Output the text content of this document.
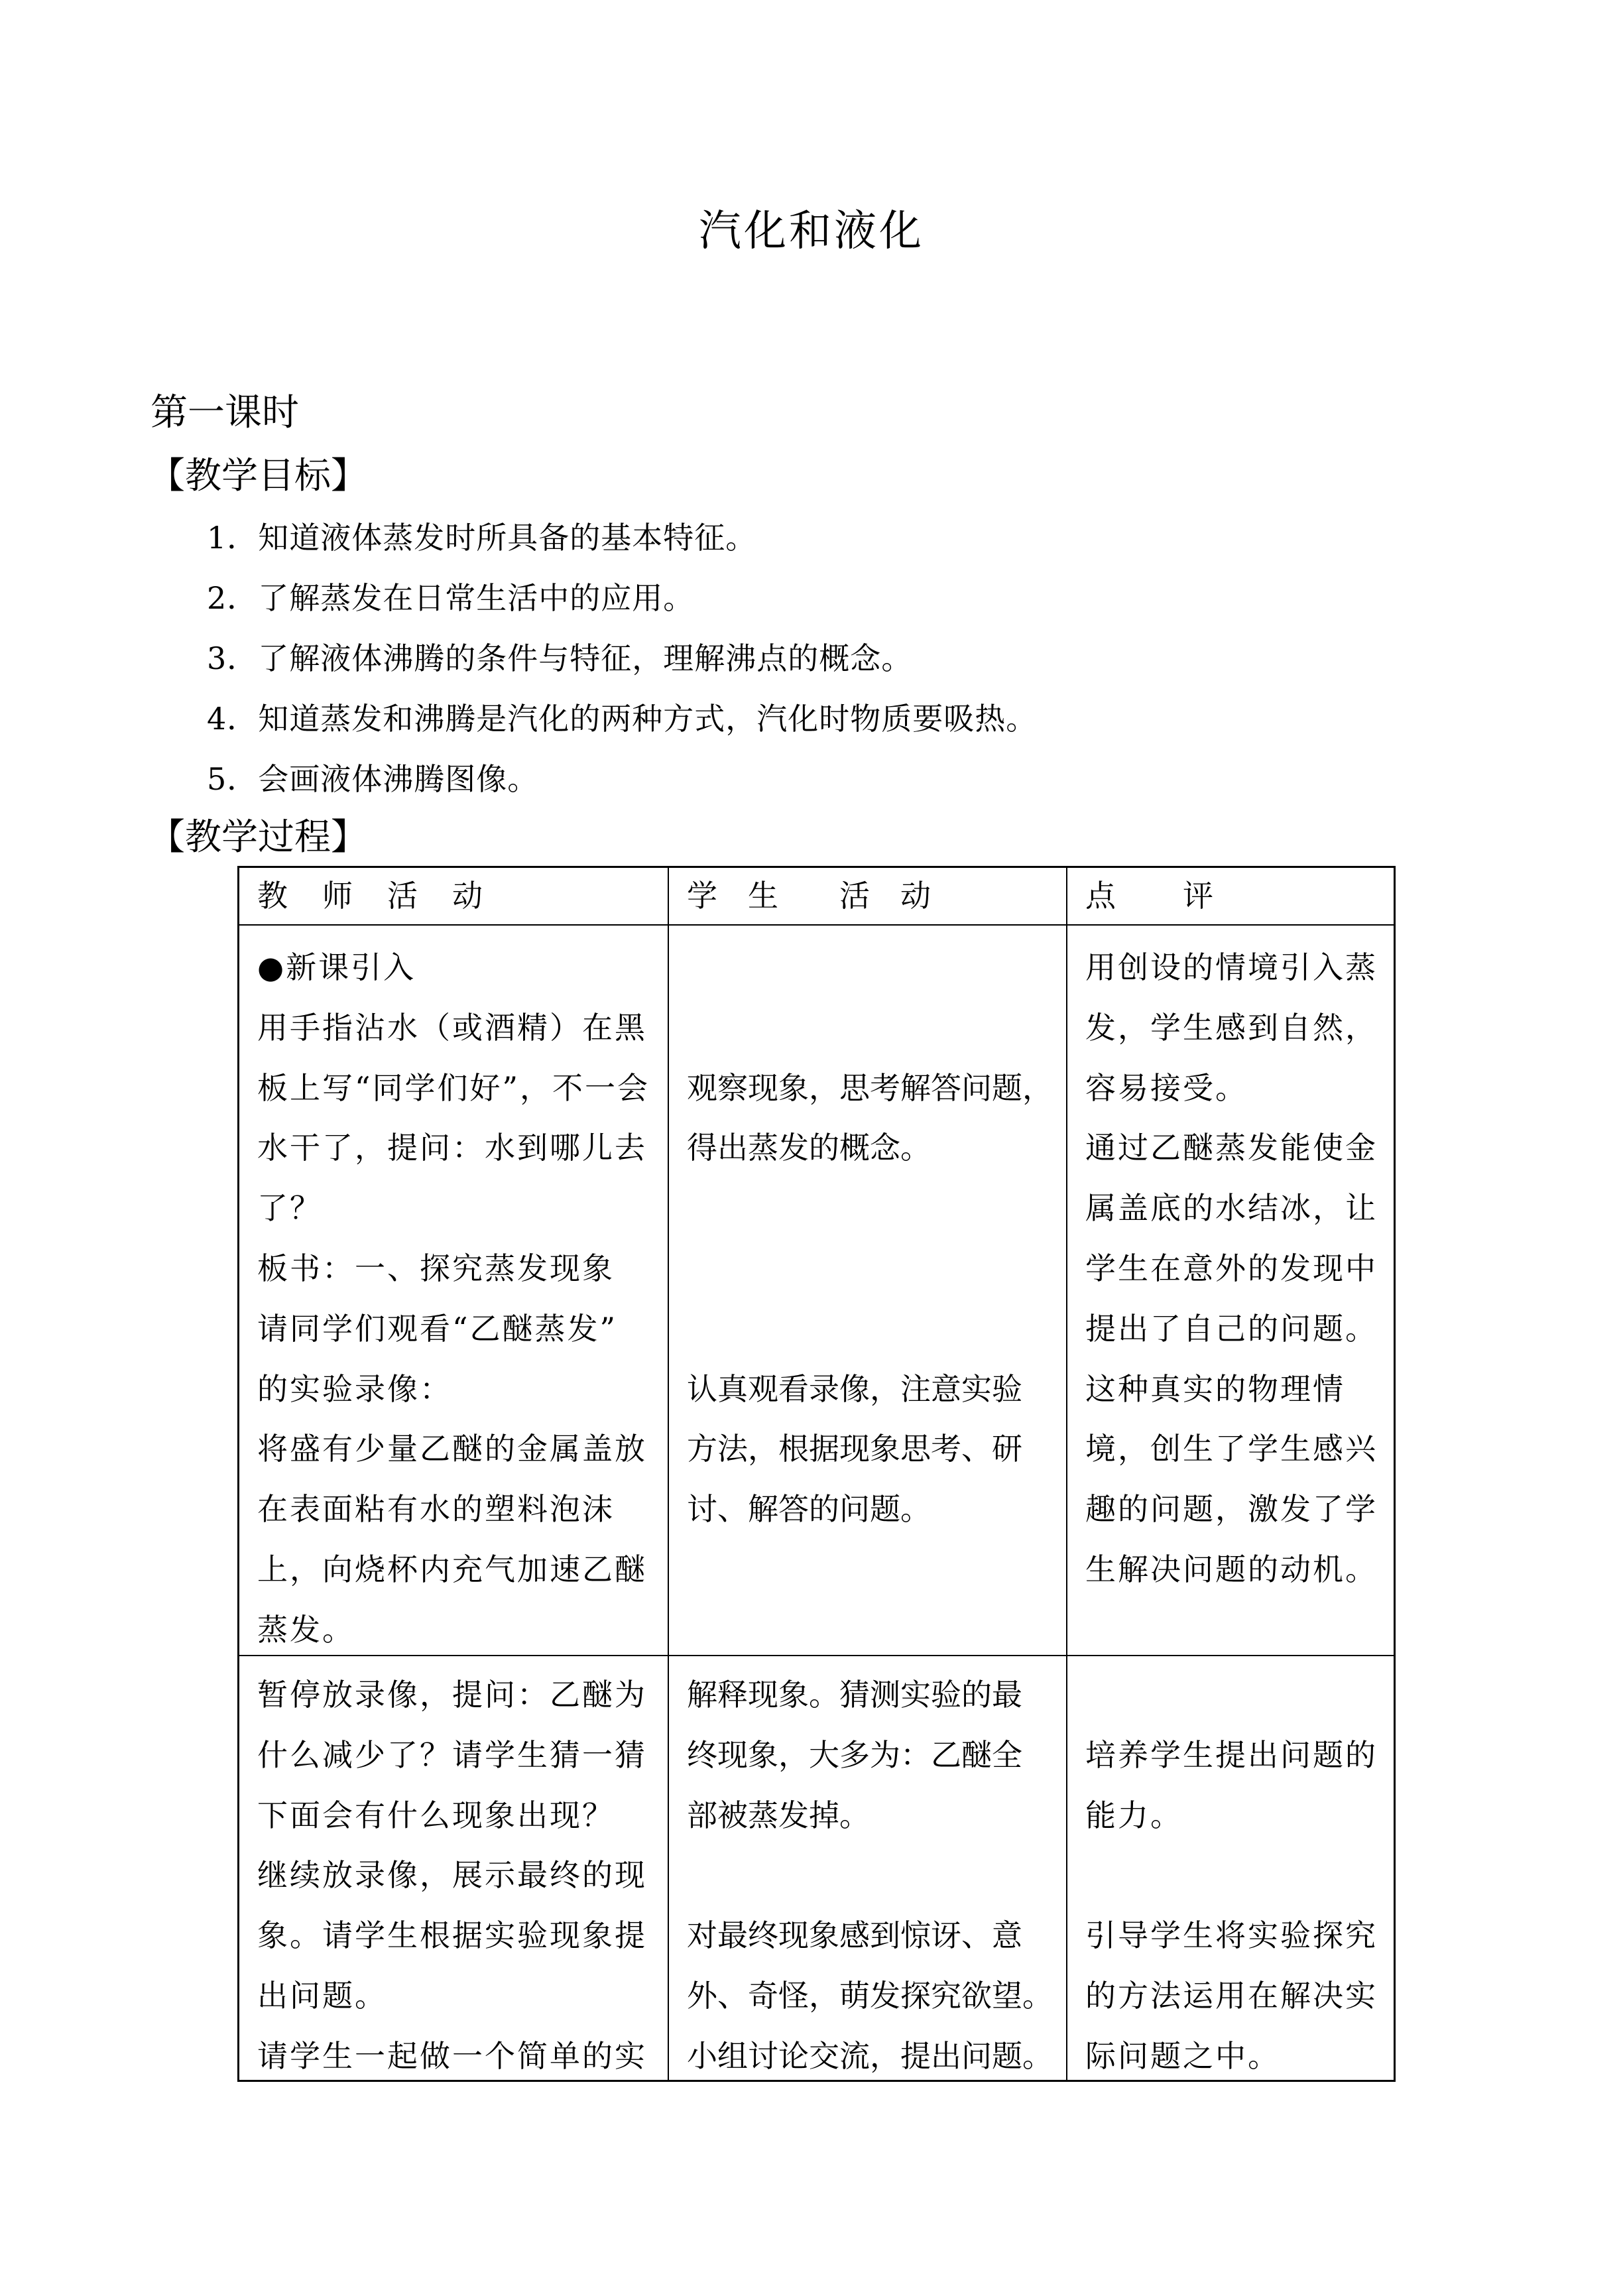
汽化和液化
第一课时
【教学目标】
1．知道液体蒸发时所具备的基本特征。
2．了解蒸发在日常生活中的应用。
3．了解液体沸腾的条件与特征，理解沸点的概念。
4．知道蒸发和沸腾是汽化的两种方式，汽化时物质要吸热。
5．会画液体沸腾图像。
【教学过程】
教　师　活　动	学　生　　活　动	点　　评
●新课引入
用手指沾水（或酒精）在黑
板上写“同学们好”，不一会
水干了，提问：水到哪儿去
了？
板书：一、探究蒸发现象
请同学们观看“乙醚蒸发”
的实验录像：
将盛有少量乙醚的金属盖放
在表面粘有水的塑料泡沫
上，向烧杯内充气加速乙醚
蒸发。
观察现象，思考解答问题，
得出蒸发的概念。
认真观看录像，注意实验
方法，根据现象思考、研
讨、解答的问题。
用创设的情境引入蒸
发，学生感到自然，
容易接受。
通过乙醚蒸发能使金
属盖底的水结冰，让
学生在意外的发现中
提出了自己的问题。
这种真实的物理情
境，创生了学生感兴
趣的问题，激发了学
生解决问题的动机。
暂停放录像，提问：乙醚为
什么减少了？请学生猜一猜
下面会有什么现象出现？
继续放录像，展示最终的现
象。请学生根据实验现象提
出问题。
请学生一起做一个简单的实
解释现象。猜测实验的最
终现象，大多为：乙醚全
部被蒸发掉。
对最终现象感到惊讶、意
外、奇怪，萌发探究欲望。
小组讨论交流，提出问题。
培养学生提出问题的
能力。
引导学生将实验探究
的方法运用在解决实
际问题之中。
